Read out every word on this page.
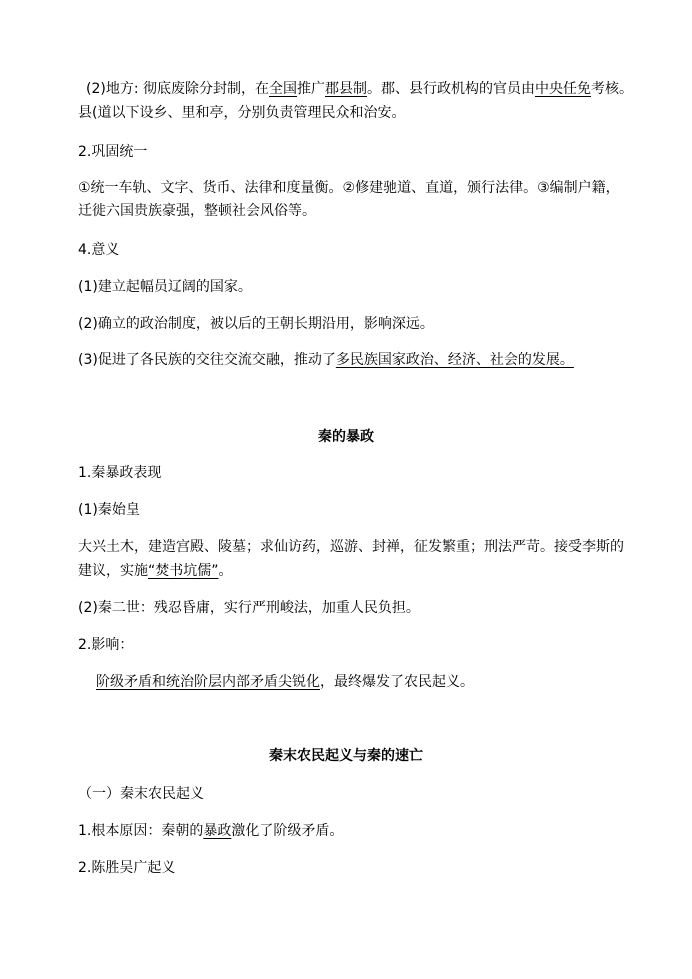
(2)地方: 彻底废除分封制，在全国推广郡县制。郡、县行政机构的官员由中央任免考核。
县(道以下设乡、里和亭，分别负责管理民众和治安。
2.巩固统一
①统一车轨、文字、货币、法律和度量衡。②修建驰道、直道，颁行法律。③编制户籍，
迁徙六国贵族豪强，整顿社会风俗等。
4.意义
(1)建立起幅员辽阔的国家。
(2)确立的政治制度，被以后的王朝长期沿用，影响深远。
(3)促进了各民族的交往交流交融，推动了多民族国家政治、经济、社会的发展。
秦的暴政
1.秦暴政表现
(1)秦始皇
大兴土木，建造宫殿、陵墓；求仙访药，巡游、封禅，征发繁重；刑法严苛。接受李斯的
建议，实施“焚书坑儒”。
(2)秦二世：残忍昏庸，实行严刑峻法，加重人民负担。
2.影响：
阶级矛盾和统治阶层内部矛盾尖锐化，最终爆发了农民起义。
秦末农民起义与秦的速亡
（一）秦末农民起义
1.根本原因：秦朝的暴政激化了阶级矛盾。
2.陈胜吴广起义
